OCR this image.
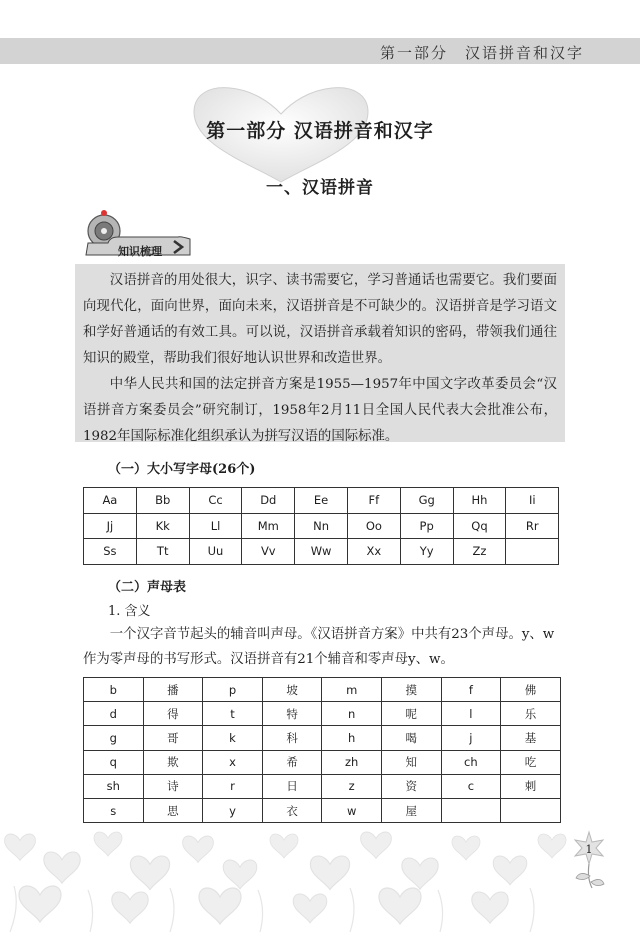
第一部分　汉语拼音和汉字
第一部分 汉语拼音和汉字
一、汉语拼音
知识梳理

汉语拼音的用处很大，识字、读书需要它，学习普通话也需要它。我们要面向现代化，面向世界，面向未来，汉语拼音是不可缺少的。汉语拼音是学习语文和学好普通话的有效工具。可以说，汉语拼音承载着知识的密码，带领我们通往知识的殿堂，帮助我们很好地认识世界和改造世界。

中华人民共和国的法定拼音方案是1955—1957年中国文字改革委员会“汉语拼音方案委员会”研究制订，1958年2月11日全国人民代表大会批准公布，1982年国际标准化组织承认为拼写汉语的国际标准。

（一）大小写字母(26个)
Aa	Bb	Cc	Dd	Ee	Ff	Gg	Hh	Ii
Jj	Kk	Ll	Mm	Nn	Oo	Pp	Qq	Rr
Ss	Tt	Uu	Vv	Ww	Xx	Yy	Zz	
（二）声母表
1. 含义
一个汉字音节起头的辅音叫声母。《汉语拼音方案》中共有23个声母。y、w作为零声母的书写形式。汉语拼音有21个辅音和零声母y、w。
b	播	p	坡	m	摸	f	佛
d	得	t	特	n	呢	l	乐
g	哥	k	科	h	喝	j	基
q	欺	x	希	zh	知	ch	吃
sh	诗	r	日	z	资	c	刺
s	思	y	衣	w	屋		
1
